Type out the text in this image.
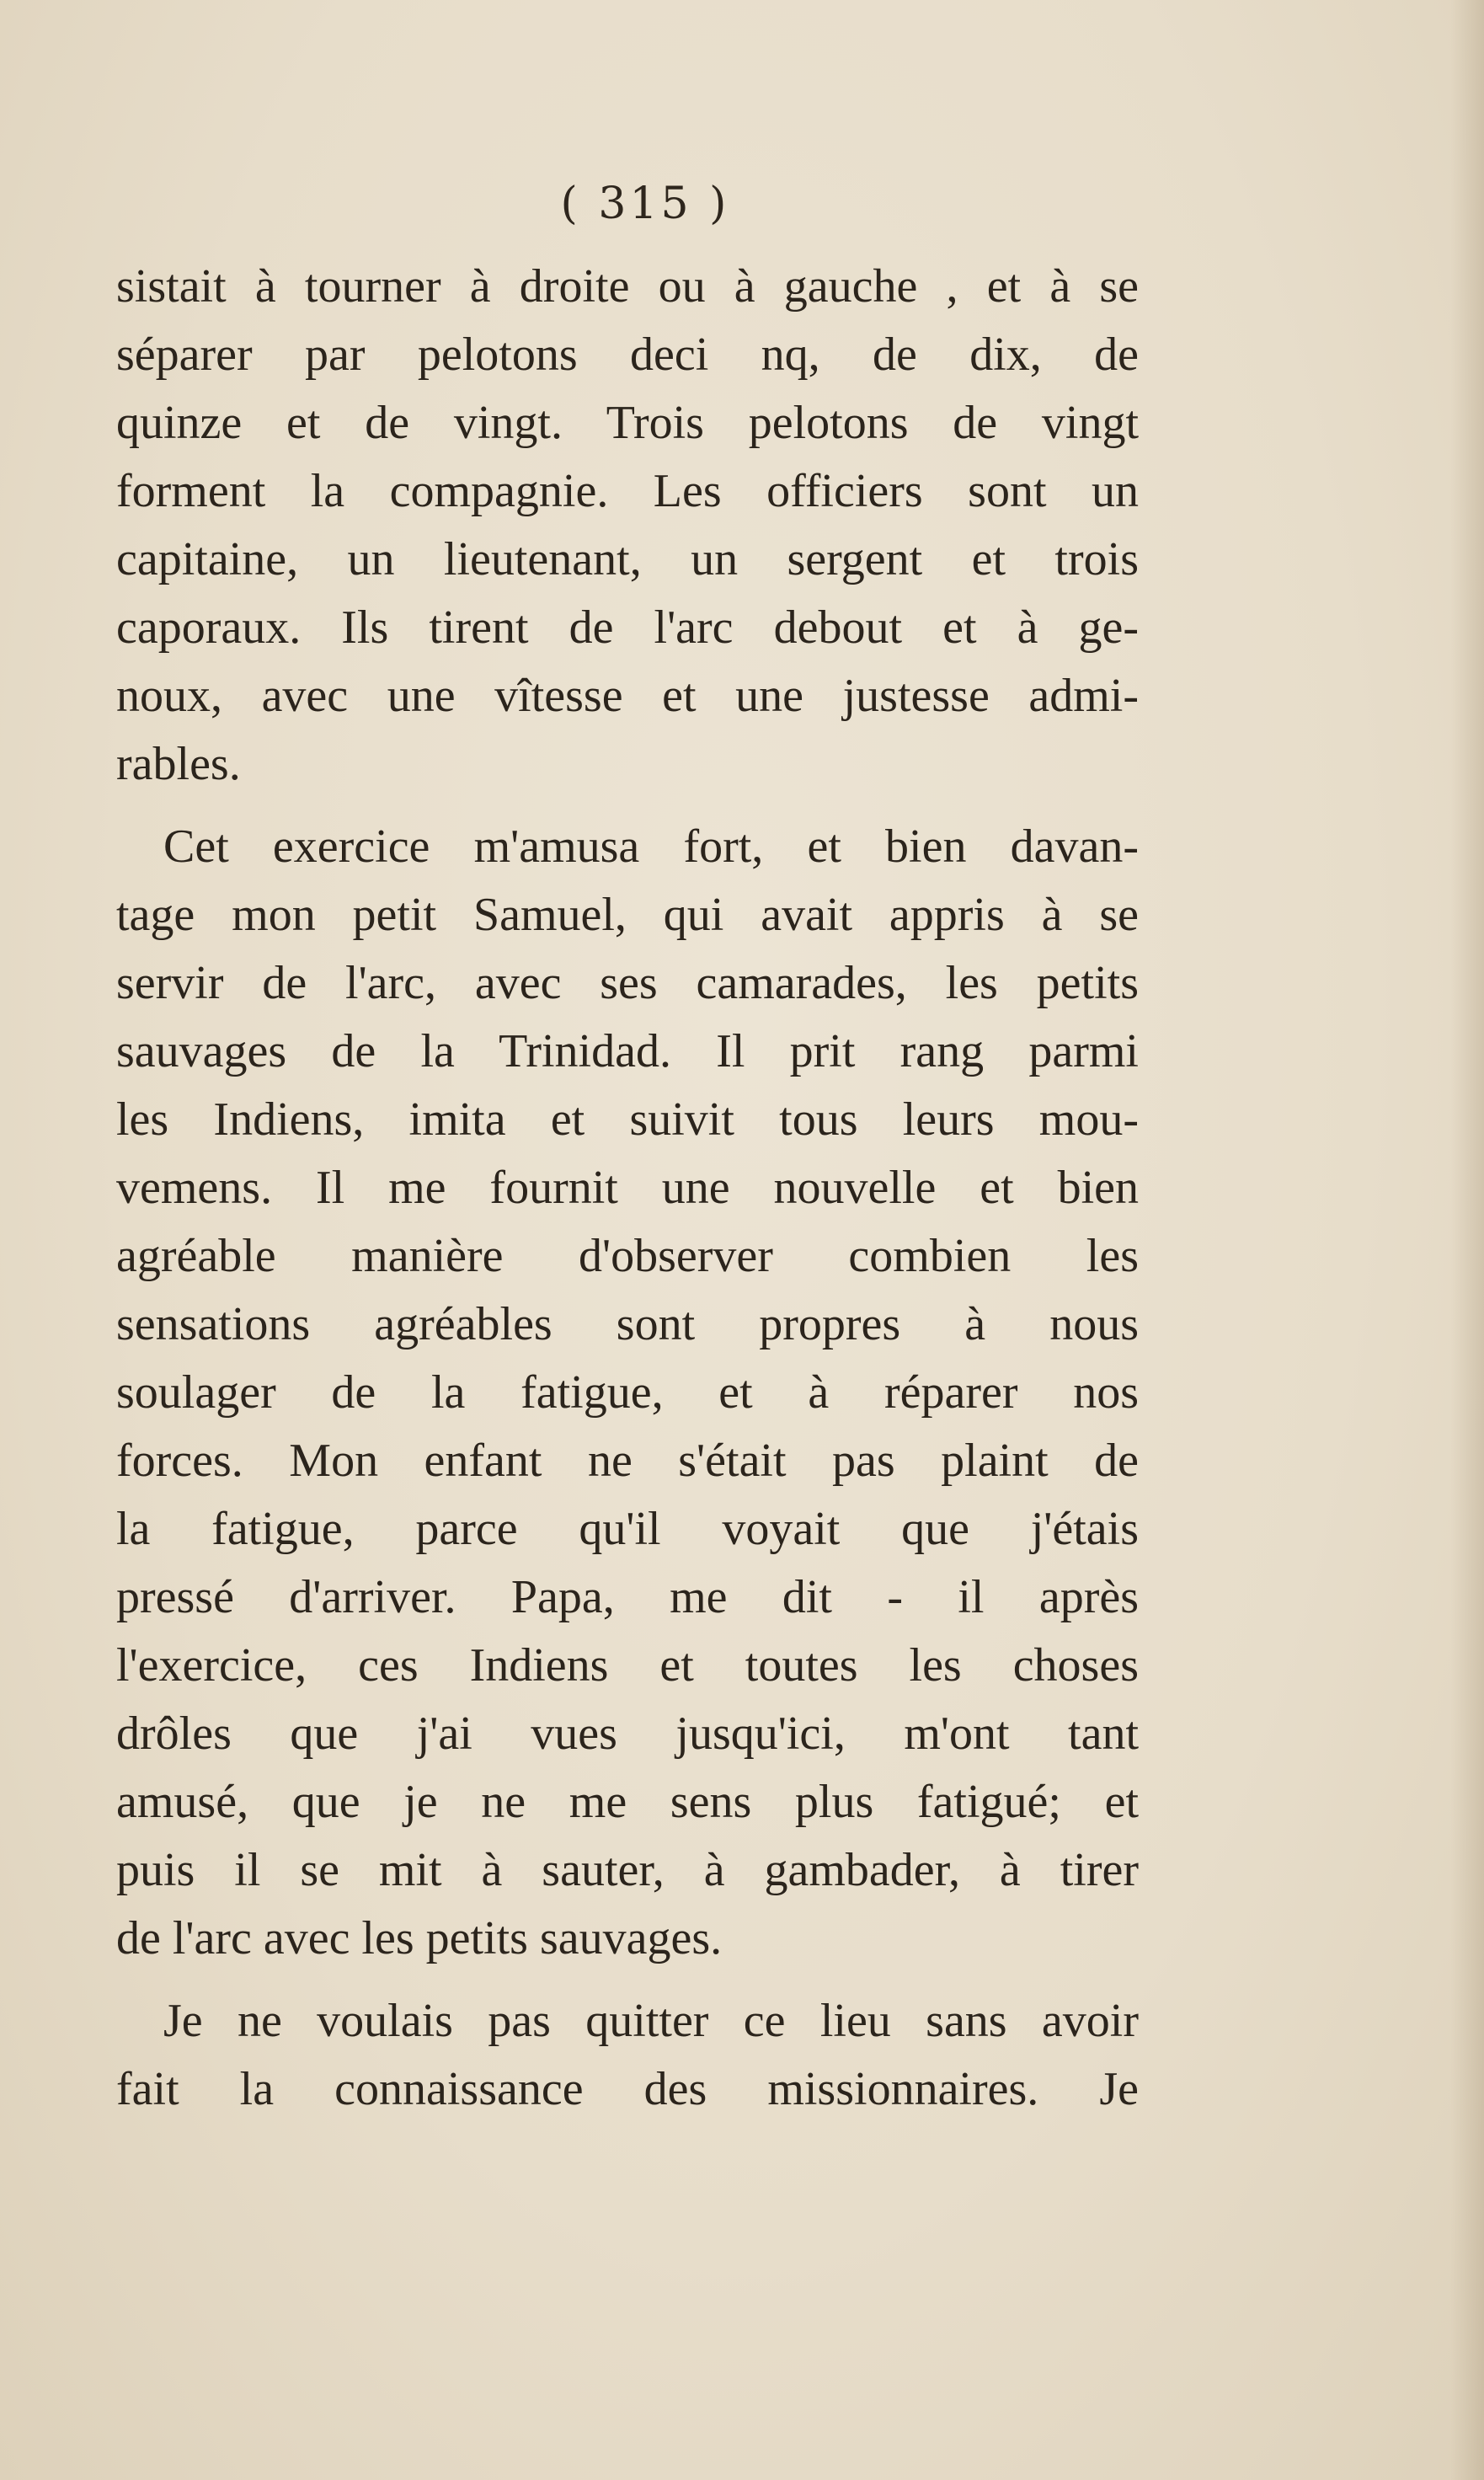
( 315 )
sistait à tourner à droite ou à gauche , et à se
séparer par pelotons deci nq, de dix, de
quinze et de vingt. Trois pelotons de vingt
forment la compagnie. Les officiers sont un
capitaine, un lieutenant, un sergent et trois
caporaux. Ils tirent de l'arc debout et à ge-
noux, avec une vîtesse et une justesse admi-
rables.
Cet exercice m'amusa fort, et bien davan-
tage mon petit Samuel, qui avait appris à se
servir de l'arc, avec ses camarades, les petits
sauvages de la Trinidad. Il prit rang parmi
les Indiens, imita et suivit tous leurs mou-
vemens. Il me fournit une nouvelle et bien
agréable manière d'observer combien les
sensations agréables sont propres à nous
soulager de la fatigue, et à réparer nos
forces. Mon enfant ne s'était pas plaint de
la fatigue, parce qu'il voyait que j'étais
pressé d'arriver. Papa, me dit - il après
l'exercice, ces Indiens et toutes les choses
drôles que j'ai vues jusqu'ici, m'ont tant
amusé, que je ne me sens plus fatigué; et
puis il se mit à sauter, à gambader, à tirer
de l'arc avec les petits sauvages.
Je ne voulais pas quitter ce lieu sans avoir
fait la connaissance des missionnaires. Je
